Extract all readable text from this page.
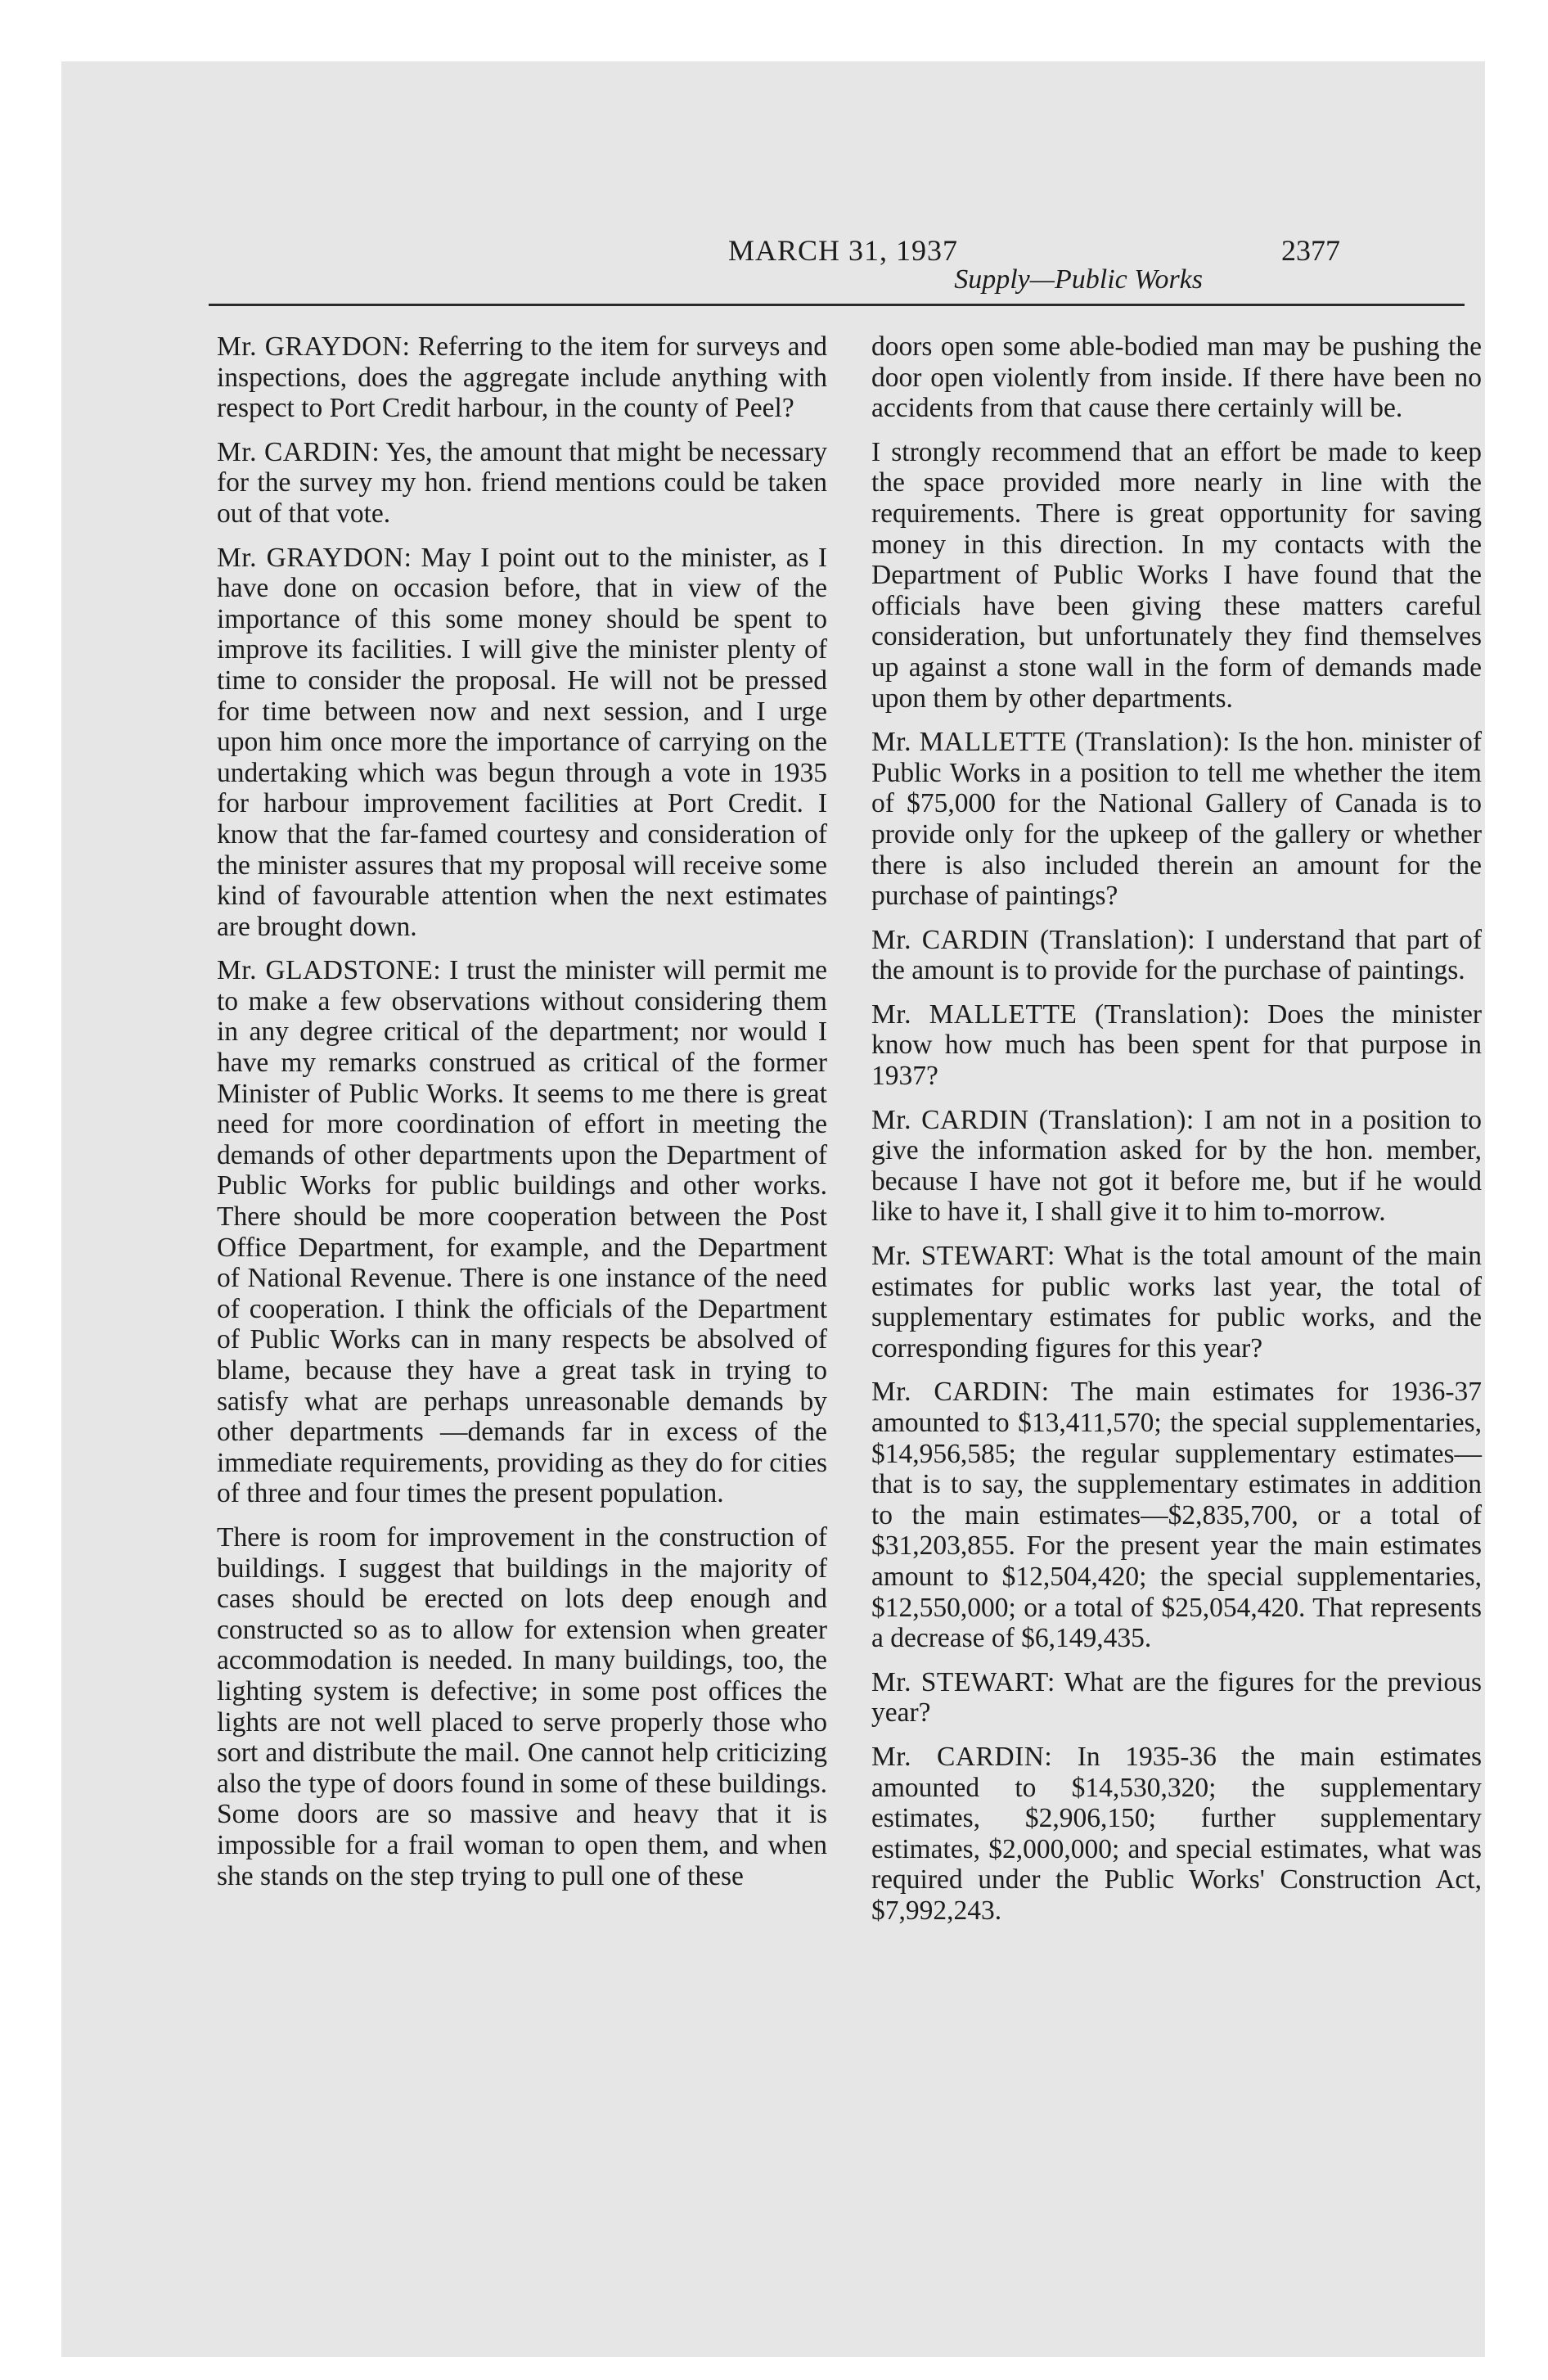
MARCH 31, 1937	2377
Supply—Public Works

Mr. GRAYDON: Referring to the item for surveys and inspections, does the aggregate include anything with respect to Port Credit harbour, in the county of Peel?

Mr. CARDIN: Yes, the amount that might be necessary for the survey my hon. friend mentions could be taken out of that vote.

Mr. GRAYDON: May I point out to the minister, as I have done on occasion before, that in view of the importance of this some money should be spent to improve its facilities. I will give the minister plenty of time to consider the proposal. He will not be pressed for time between now and next session, and I urge upon him once more the importance of carrying on the undertaking which was begun through a vote in 1935 for harbour improvement facilities at Port Credit. I know that the far-famed courtesy and consideration of the minister assures that my proposal will receive some kind of favourable attention when the next estimates are brought down.

Mr. GLADSTONE: I trust the minister will permit me to make a few observations without considering them in any degree critical of the department; nor would I have my remarks construed as critical of the former Minister of Public Works. It seems to me there is great need for more coordination of effort in meeting the demands of other departments upon the Department of Public Works for public buildings and other works. There should be more cooperation between the Post Office Department, for example, and the Department of National Revenue. There is one instance of the need of cooperation. I think the officials of the Department of Public Works can in many respects be absolved of blame, because they have a great task in trying to satisfy what are perhaps unreasonable demands by other departments —demands far in excess of the immediate requirements, providing as they do for cities of three and four times the present population.

There is room for improvement in the construction of buildings. I suggest that buildings in the majority of cases should be erected on lots deep enough and constructed so as to allow for extension when greater accommodation is needed. In many buildings, too, the lighting system is defective; in some post offices the lights are not well placed to serve properly those who sort and distribute the mail. One cannot help criticizing also the type of doors found in some of these buildings. Some doors are so massive and heavy that it is impossible for a frail woman to open them, and when she stands on the step trying to pull one of these

doors open some able-bodied man may be pushing the door open violently from inside. If there have been no accidents from that cause there certainly will be.

I strongly recommend that an effort be made to keep the space provided more nearly in line with the requirements. There is great opportunity for saving money in this direction. In my contacts with the Department of Public Works I have found that the officials have been giving these matters careful consideration, but unfortunately they find themselves up against a stone wall in the form of demands made upon them by other departments.

Mr. MALLETTE (Translation): Is the hon. minister of Public Works in a position to tell me whether the item of $75,000 for the National Gallery of Canada is to provide only for the upkeep of the gallery or whether there is also included therein an amount for the purchase of paintings?

Mr. CARDIN (Translation): I understand that part of the amount is to provide for the purchase of paintings.

Mr. MALLETTE (Translation): Does the minister know how much has been spent for that purpose in 1937?

Mr. CARDIN (Translation): I am not in a position to give the information asked for by the hon. member, because I have not got it before me, but if he would like to have it, I shall give it to him to-morrow.

Mr. STEWART: What is the total amount of the main estimates for public works last year, the total of supplementary estimates for public works, and the corresponding figures for this year?

Mr. CARDIN: The main estimates for 1936-37 amounted to $13,411,570; the special supplementaries, $14,956,585; the regular supplementary estimates—that is to say, the supplementary estimates in addition to the main estimates—$2,835,700, or a total of $31,203,855. For the present year the main estimates amount to $12,504,420; the special supplementaries, $12,550,000; or a total of $25,054,420. That represents a decrease of $6,149,435.

Mr. STEWART: What are the figures for the previous year?

Mr. CARDIN: In 1935-36 the main estimates amounted to $14,530,320; the supplementary estimates, $2,906,150; further supplementary estimates, $2,000,000; and special estimates, what was required under the Public Works' Construction Act, $7,992,243.
